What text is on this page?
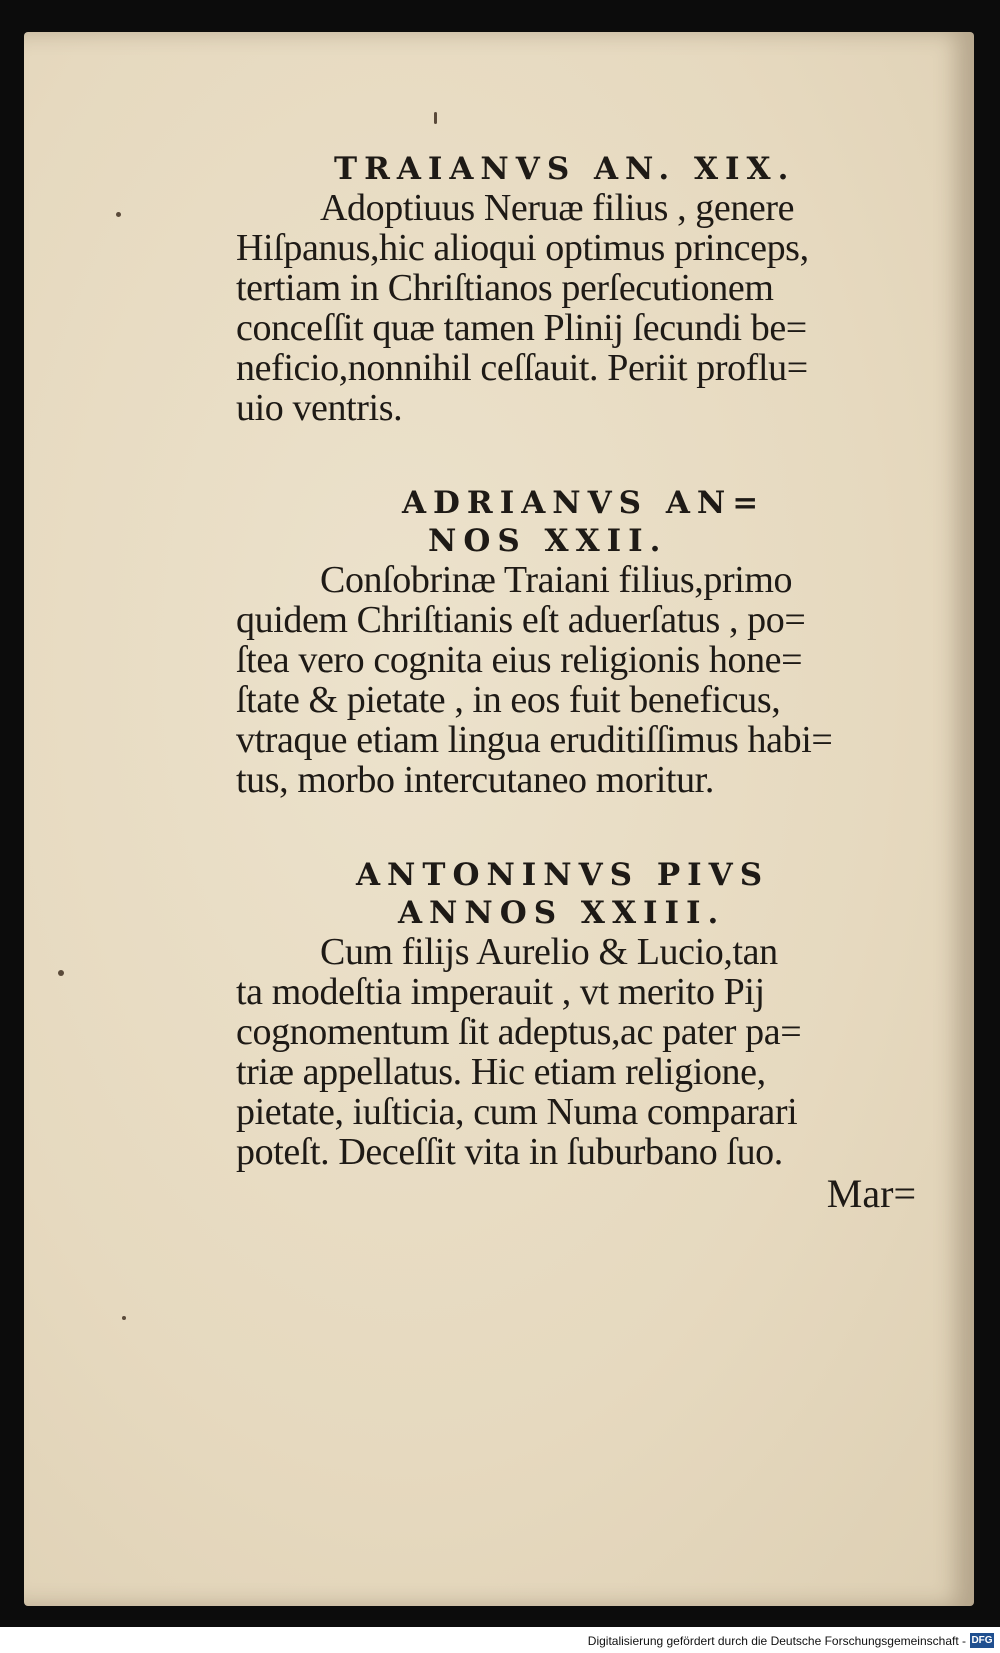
TRAIANVS AN. XIX.

Adoptiuus Neruæ filius , genere

Hiſpanus,hic alioqui optimus princeps,

tertiam in Chriſtianos perſecutionem

conceſſit quæ tamen Plinij ſecundi be=

neficio,nonnihil ceſſauit. Periit proflu=

uio ventris.

ADRIANVS AN=

NOS XXII.

Conſobrinæ Traiani filius,primo

quidem Chriſtianis eſt aduerſatus , po=

ſtea vero cognita eius religionis hone=

ſtate & pietate , in eos fuit beneficus,

vtraque etiam lingua eruditiſſimus habi=

tus, morbo intercutaneo moritur.

ANTONINVS PIVS

ANNOS XXIII.

Cum filijs Aurelio & Lucio,tan

ta modeſtia imperauit , vt merito Pij

cognomentum ſit adeptus,ac pater pa=

triæ appellatus. Hic etiam religione,

pietate, iuſticia, cum Numa comparari

poteſt. Deceſſit vita in ſuburbano ſuo.

Mar=

Digitalisierung gefördert durch die Deutsche Forschungsgemeinschaft - DFG
